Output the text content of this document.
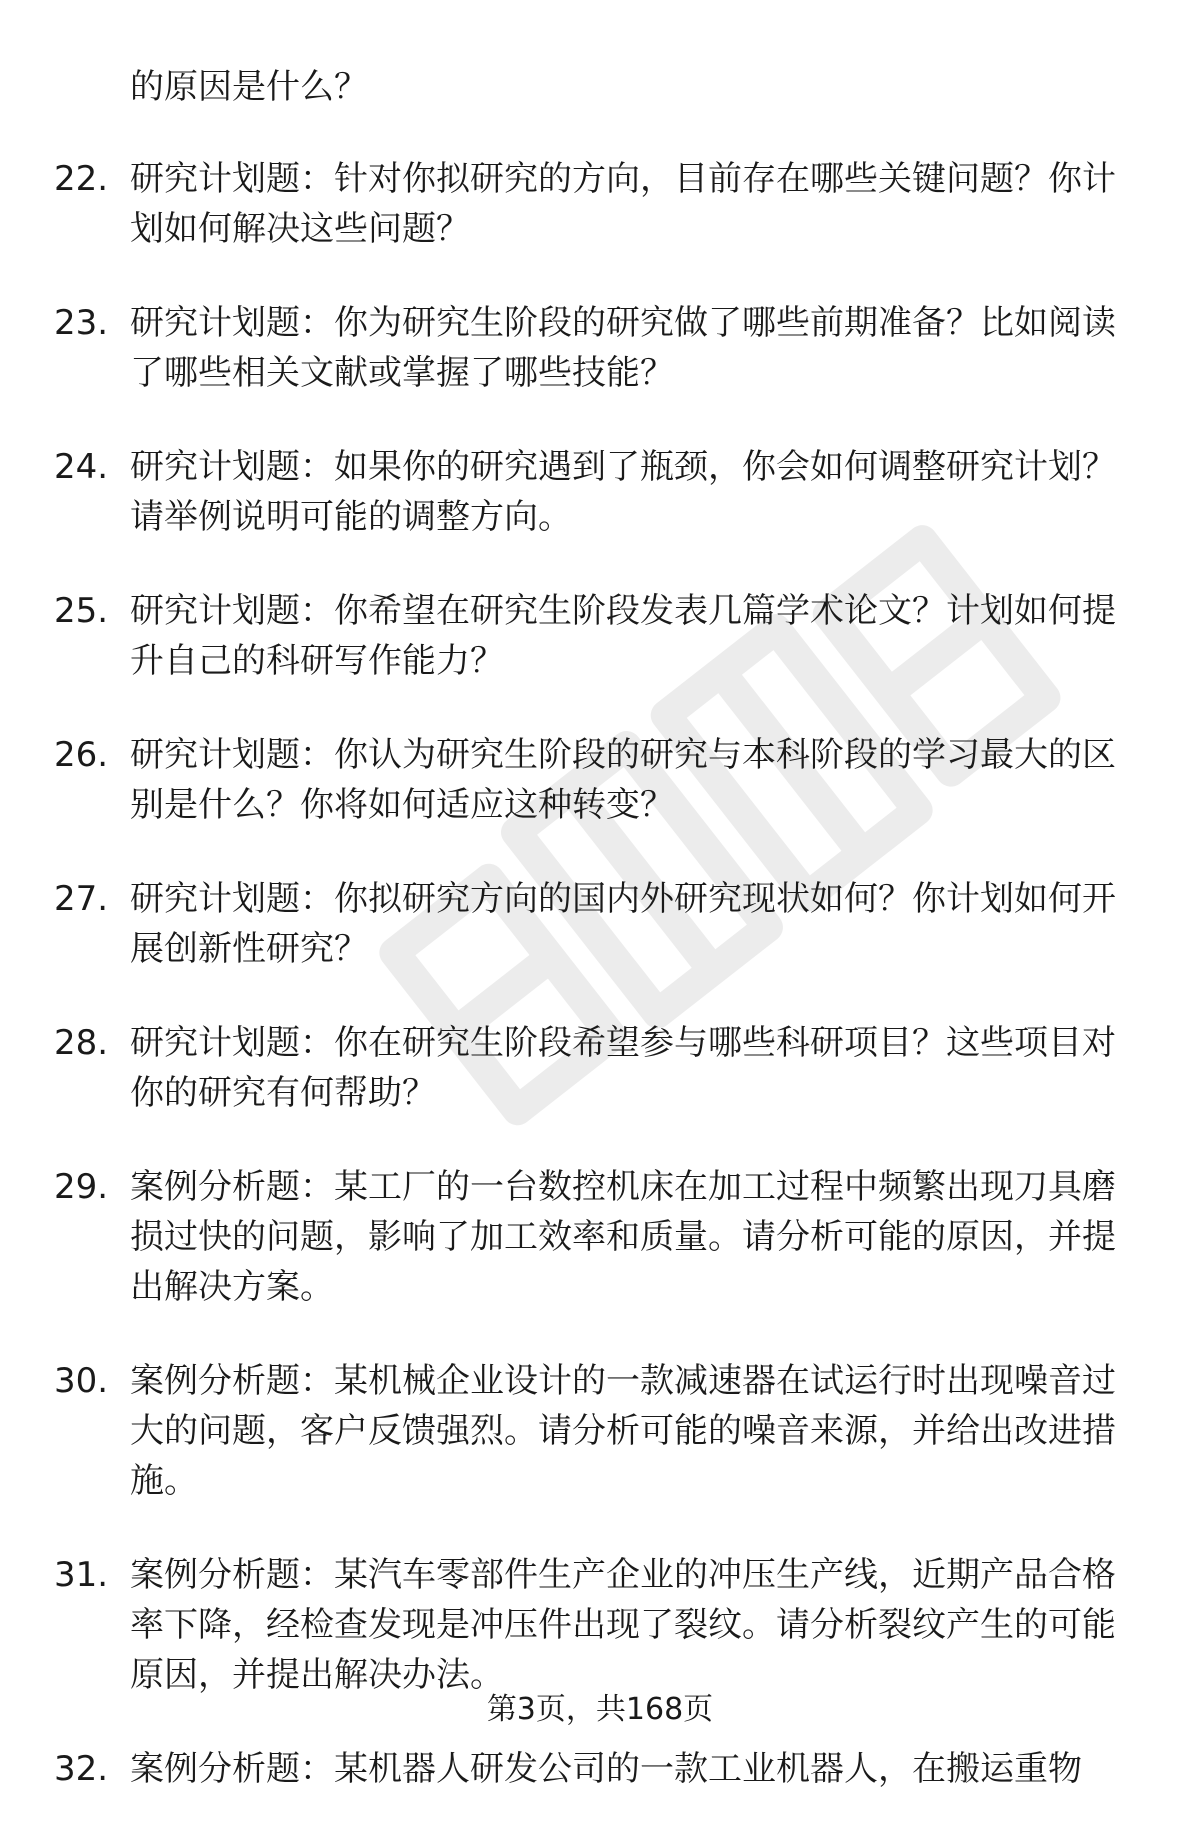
的原因是什么？
22. 研究计划题：针对你拟研究的方向，目前存在哪些关键问题？你计划如何解决这些问题？
23. 研究计划题：你为研究生阶段的研究做了哪些前期准备？比如阅读了哪些相关文献或掌握了哪些技能？
24. 研究计划题：如果你的研究遇到了瓶颈，你会如何调整研究计划？请举例说明可能的调整方向。
25. 研究计划题：你希望在研究生阶段发表几篇学术论文？计划如何提升自己的科研写作能力？
26. 研究计划题：你认为研究生阶段的研究与本科阶段的学习最大的区别是什么？你将如何适应这种转变？
27. 研究计划题：你拟研究方向的国内外研究现状如何？你计划如何开展创新性研究？
28. 研究计划题：你在研究生阶段希望参与哪些科研项目？这些项目对你的研究有何帮助？
29. 案例分析题：某工厂的一台数控机床在加工过程中频繁出现刀具磨损过快的问题，影响了加工效率和质量。请分析可能的原因，并提出解决方案。
30. 案例分析题：某机械企业设计的一款减速器在试运行时出现噪音过大的问题，客户反馈强烈。请分析可能的噪音来源，并给出改进措施。
31. 案例分析题：某汽车零部件生产企业的冲压生产线，近期产品合格率下降，经检查发现是冲压件出现了裂纹。请分析裂纹产生的可能原因，并提出解决办法。
32. 案例分析题：某机器人研发公司的一款工业机器人，在搬运重物
第3页，共168页
